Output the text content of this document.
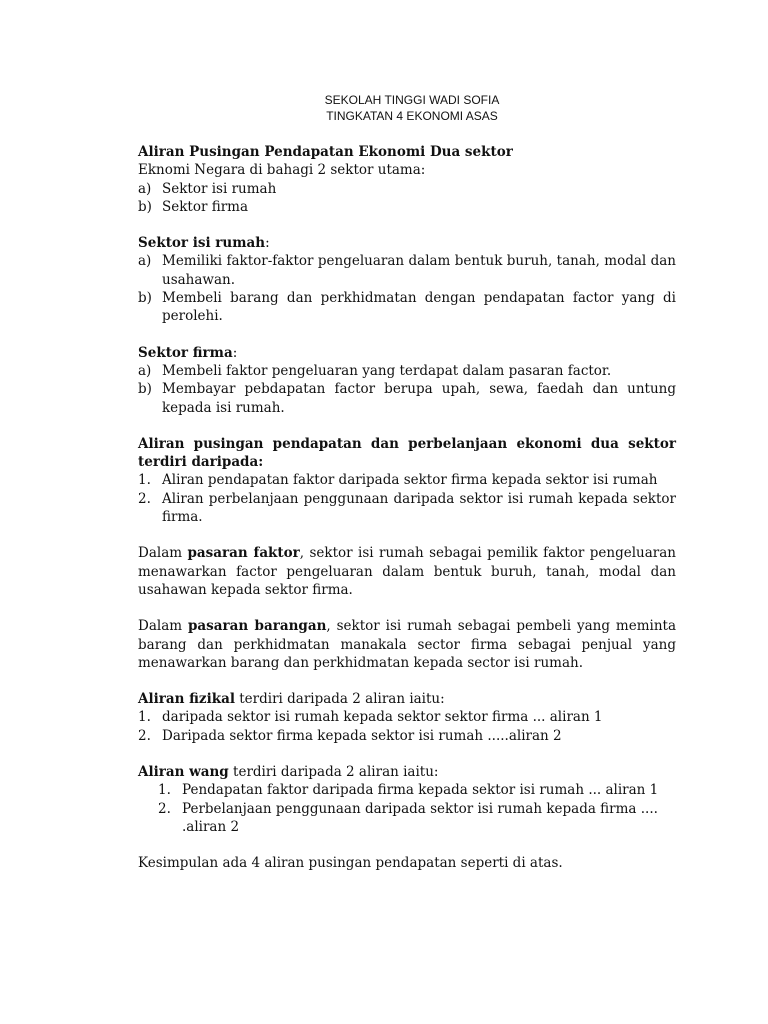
SEKOLAH TINGGI WADI SOFIA
TINGKATAN 4 EKONOMI ASAS

Aliran Pusingan Pendapatan Ekonomi Dua sektor

Eknomi Negara di bahagi 2 sektor utama:

a) Sektor isi rumah
b) Sektor firma

Sektor isi rumah:

a) Memiliki faktor-faktor pengeluaran dalam bentuk buruh, tanah, modal dan usahawan.
b) Membeli barang dan perkhidmatan dengan pendapatan factor yang di perolehi.

Sektor firma:

a) Membeli faktor pengeluaran yang terdapat dalam pasaran factor.
b) Membayar pebdapatan factor berupa upah, sewa, faedah dan untung kepada isi rumah.

Aliran pusingan pendapatan dan perbelanjaan ekonomi dua sektor terdiri daripada:

1. Aliran pendapatan faktor daripada sektor firma kepada sektor isi rumah
2. Aliran perbelanjaan penggunaan daripada sektor isi rumah kepada sektor firma.

Dalam pasaran faktor, sektor isi rumah sebagai pemilik faktor pengeluaran menawarkan factor pengeluaran dalam bentuk buruh, tanah, modal dan usahawan kepada sektor firma.

Dalam pasaran barangan, sektor isi rumah sebagai pembeli yang meminta barang dan perkhidmatan manakala sector firma sebagai penjual yang menawarkan barang dan perkhidmatan kepada sector isi rumah.

Aliran fizikal terdiri daripada 2 aliran iaitu:

1. daripada sektor isi rumah kepada sektor sektor firma ... aliran 1
2. Daripada sektor firma kepada sektor isi rumah .....aliran 2

Aliran wang terdiri daripada 2 aliran iaitu:

1. Pendapatan faktor daripada firma kepada sektor isi rumah ... aliran 1
2. Perbelanjaan penggunaan daripada sektor isi rumah kepada firma .... .aliran 2

Kesimpulan ada 4 aliran pusingan pendapatan seperti di atas.
